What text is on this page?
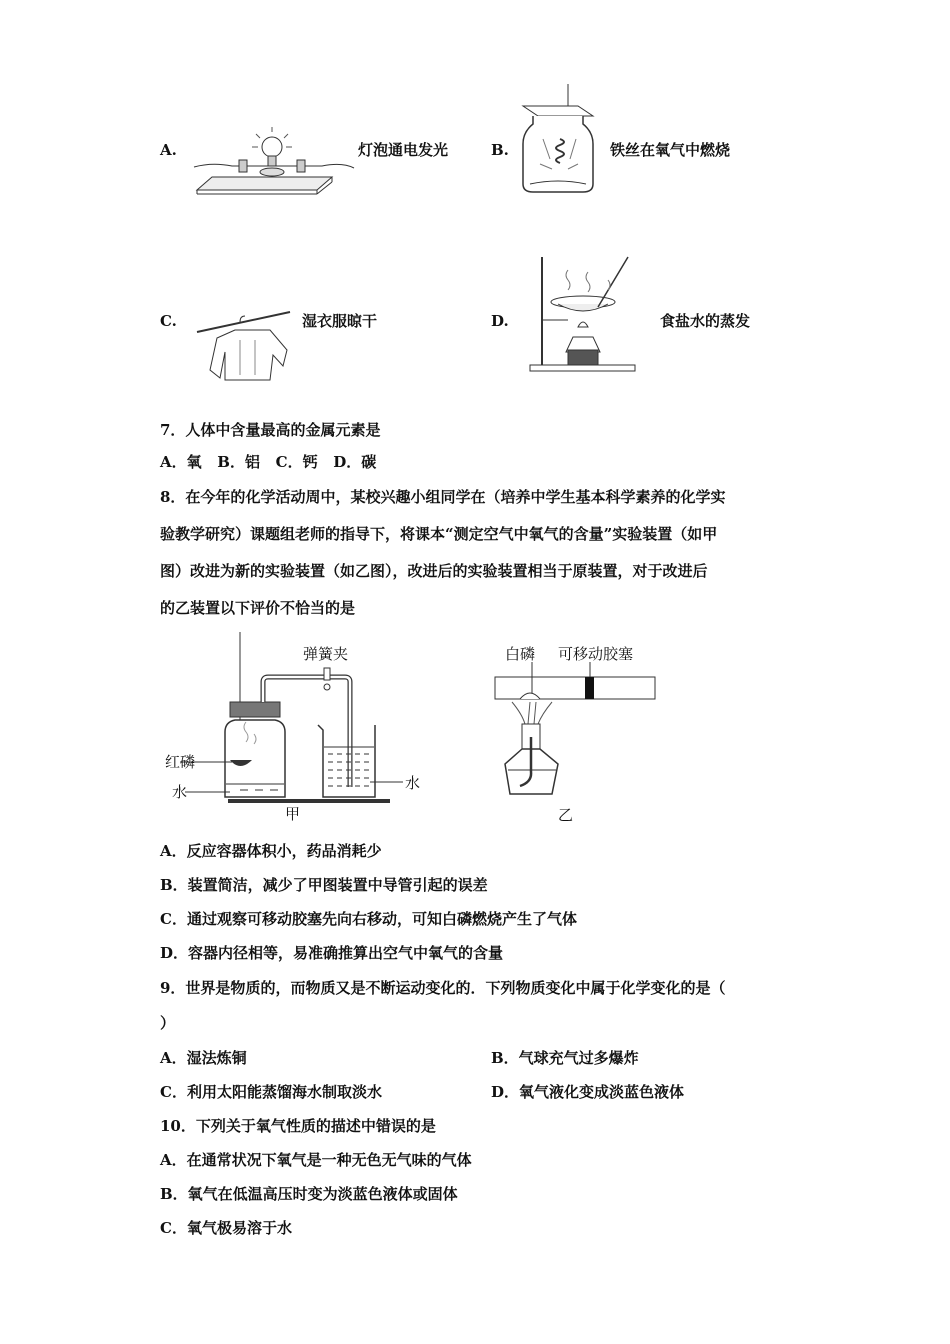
A.	灯泡通电发光	B.	铁丝在氧气中燃烧
C.	湿衣服晾干	D.	食盐水的蒸发
7．人体中含量最高的金属元素是
A．氧   B．铝   C．钙   D．碳
8．在今年的化学活动周中，某校兴趣小组同学在（培养中学生基本科学素养的化学实
验教学研究）课题组老师的指导下，将课本“测定空气中氧气的含量”实验装置（如甲
图）改进为新的实验装置（如乙图），改进后的实验装置相当于原装置，对于改进后
的乙装置以下评价不恰当的是
弹簧夹
红磷
水	水
甲
白磷 可移动胶塞
乙
A．反应容器体积小，药品消耗少
B．装置简洁，减少了甲图装置中导管引起的误差
C．通过观察可移动胶塞先向右移动，可知白磷燃烧产生了气体
D．容器内径相等，易准确推算出空气中氧气的含量
9．世界是物质的，而物质又是不断运动变化的．下列物质变化中属于化学变化的是（
）
A．湿法炼铜	B．气球充气过多爆炸
C．利用太阳能蒸馏海水制取淡水	D．氧气液化变成淡蓝色液体
10．下列关于氧气性质的描述中错误的是
A．在通常状况下氧气是一种无色无气味的气体
B．氧气在低温高压时变为淡蓝色液体或固体
C．氧气极易溶于水
